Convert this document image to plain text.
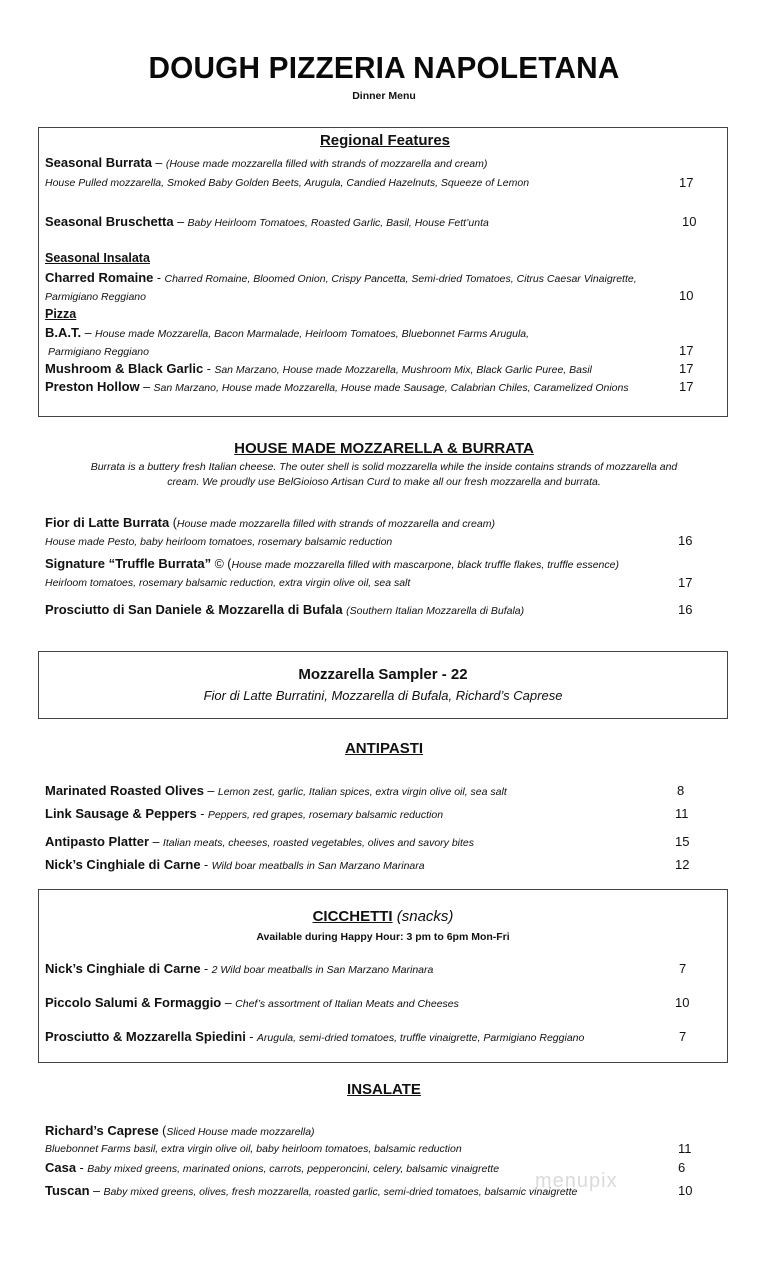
DOUGH PIZZERIA NAPOLETANA
Dinner Menu
Regional Features
Seasonal Burrata – (House made mozzarella filled with strands of mozzarella and cream)
House Pulled mozzarella, Smoked Baby Golden Beets, Arugula, Candied Hazelnuts, Squeeze of Lemon	17
Seasonal Bruschetta – Baby Heirloom Tomatoes, Roasted Garlic, Basil, House Fett’unta	10
Seasonal Insalata
Charred Romaine - Charred Romaine, Bloomed Onion, Crispy Pancetta, Semi-dried Tomatoes, Citrus Caesar Vinaigrette,
Parmigiano Reggiano	10
Pizza
B.A.T. – House made Mozzarella, Bacon Marmalade, Heirloom Tomatoes, Bluebonnet Farms Arugula,
Parmigiano Reggiano	17
Mushroom & Black Garlic - San Marzano, House made Mozzarella, Mushroom Mix, Black Garlic Puree, Basil	17
Preston Hollow – San Marzano, House made Mozzarella, House made Sausage, Calabrian Chiles, Caramelized Onions	17
HOUSE MADE MOZZARELLA & BURRATA
Burrata is a buttery fresh Italian cheese. The outer shell is solid mozzarella while the inside contains strands of mozzarella and
cream. We proudly use BelGioioso Artisan Curd to make all our fresh mozzarella and burrata.
Fior di Latte Burrata (House made mozzarella filled with strands of mozzarella and cream)
House made Pesto, baby heirloom tomatoes, rosemary balsamic reduction	16
Signature “Truffle Burrata” © (House made mozzarella filled with mascarpone, black truffle flakes, truffle essence)
Heirloom tomatoes, rosemary balsamic reduction, extra virgin olive oil, sea salt	17
Prosciutto di San Daniele & Mozzarella di Bufala (Southern Italian Mozzarella di Bufala)	16
Mozzarella Sampler - 22
Fior di Latte Burratini, Mozzarella di Bufala, Richard’s Caprese
ANTIPASTI
Marinated Roasted Olives – Lemon zest, garlic, Italian spices, extra virgin olive oil, sea salt	8
Link Sausage & Peppers - Peppers, red grapes, rosemary balsamic reduction	11
Antipasto Platter – Italian meats, cheeses, roasted vegetables, olives and savory bites	15
Nick’s Cinghiale di Carne - Wild boar meatballs in San Marzano Marinara	12
CICCHETTI (snacks)
Available during Happy Hour: 3 pm to 6pm Mon-Fri
Nick’s Cinghiale di Carne - 2 Wild boar meatballs in San Marzano Marinara	7
Piccolo Salumi & Formaggio – Chef’s assortment of Italian Meats and Cheeses	10
Prosciutto & Mozzarella Spiedini - Arugula, semi-dried tomatoes, truffle vinaigrette, Parmigiano Reggiano	7
INSALATE
Richard’s Caprese (Sliced House made mozzarella)
Bluebonnet Farms basil, extra virgin olive oil, baby heirloom tomatoes, balsamic reduction	11
Casa - Baby mixed greens, marinated onions, carrots, pepperoncini, celery, balsamic vinaigrette	6
Tuscan – Baby mixed greens, olives, fresh mozzarella, roasted garlic, semi-dried tomatoes, balsamic vinaigrette	10
menupix
